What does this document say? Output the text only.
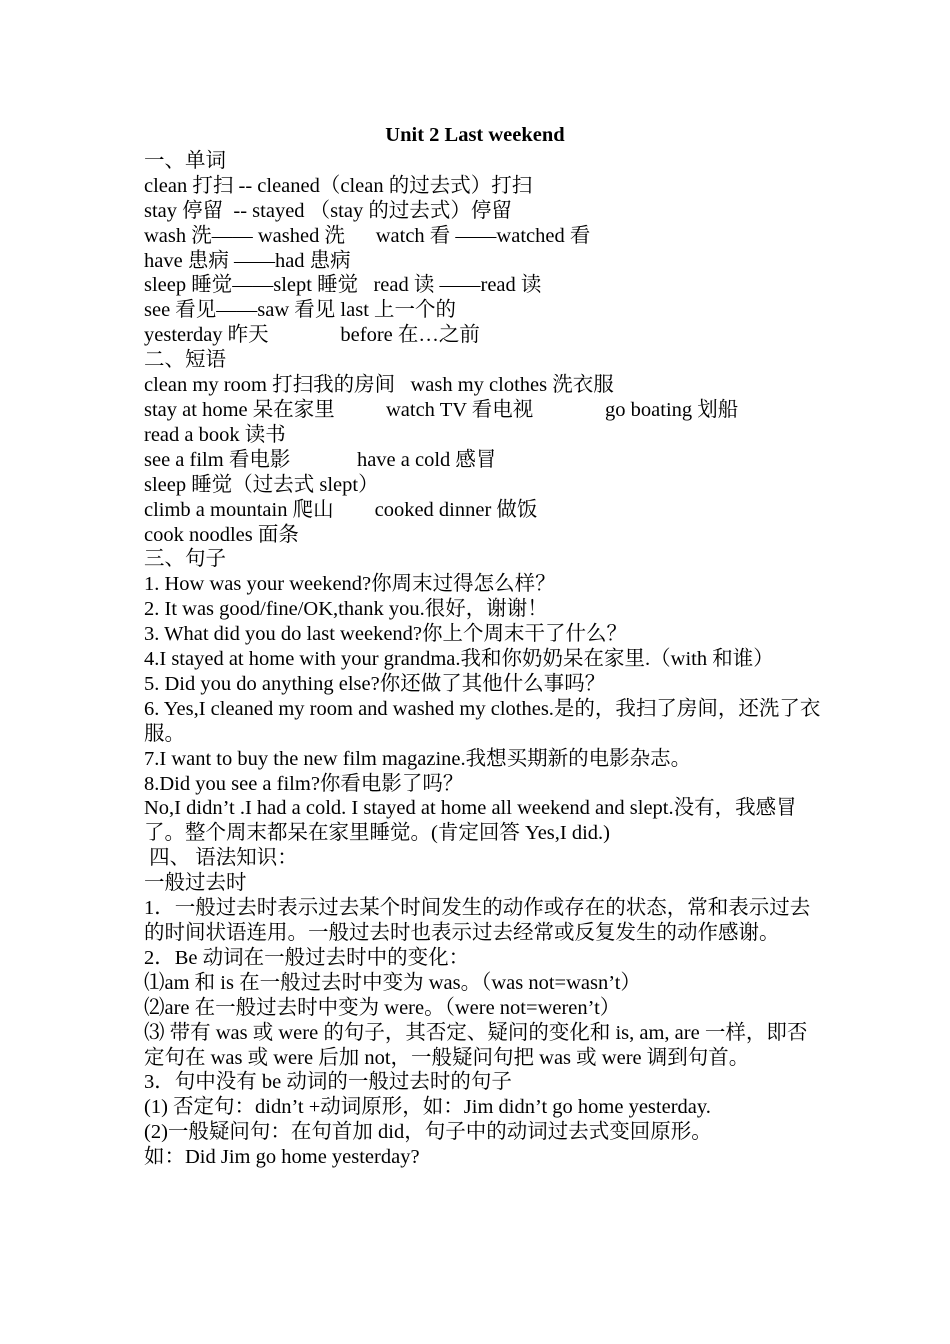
Unit 2 Last weekend
一、单词
clean 打扫 -- cleaned（clean 的过去式）打扫
stay 停留  -- stayed （stay 的过去式）停留
wash 洗—— washed 洗      watch 看 ——watched 看
have 患病 ——had 患病
sleep 睡觉——slept 睡觉   read 读 ——read 读
see 看见——saw 看见 last 上一个的
yesterday 昨天              before 在…之前
二、短语
clean my room 打扫我的房间   wash my clothes 洗衣服
stay at home 呆在家里          watch TV 看电视              go boating 划船
read a book 读书
see a film 看电影             have a cold 感冒
sleep 睡觉（过去式 slept）
climb a mountain 爬山        cooked dinner 做饭
cook noodles 面条
三、句子
1. How was your weekend?你周末过得怎么样？
2. It was good/fine/OK,thank you.很好，谢谢！
3. What did you do last weekend?你上个周末干了什么？
4.I stayed at home with your grandma.我和你奶奶呆在家里.（with 和谁）
5. Did you do anything else?你还做了其他什么事吗？
6. Yes,I cleaned my room and washed my clothes.是的，我扫了房间，还洗了衣服。
7.I want to buy the new film magazine.我想买期新的电影杂志。
8.Did you see a film?你看电影了吗？
No,I didn’t .I had a cold. I stayed at home all weekend and slept.没有，我感冒了。整个周末都呆在家里睡觉。(肯定回答 Yes,I did.)
四、 语法知识：
一般过去时
1．一般过去时表示过去某个时间发生的动作或存在的状态，常和表示过去的时间状语连用。一般过去时也表示过去经常或反复发生的动作感谢。
2．Be 动词在一般过去时中的变化：
⑴am 和 is 在一般过去时中变为 was。（was not=wasn’t）
⑵are 在一般过去时中变为 were。（were not=weren’t）
⑶ 带有 was 或 were 的句子，其否定、疑问的变化和 is, am, are 一样，即否定句在 was 或 were 后加 not，一般疑问句把 was 或 were 调到句首。
3．句中没有 be 动词的一般过去时的句子
(1) 否定句：didn’t +动词原形，如：Jim didn’t go home yesterday.
(2)一般疑问句：在句首加 did，句子中的动词过去式变回原形。
如：Did Jim go home yesterday?
